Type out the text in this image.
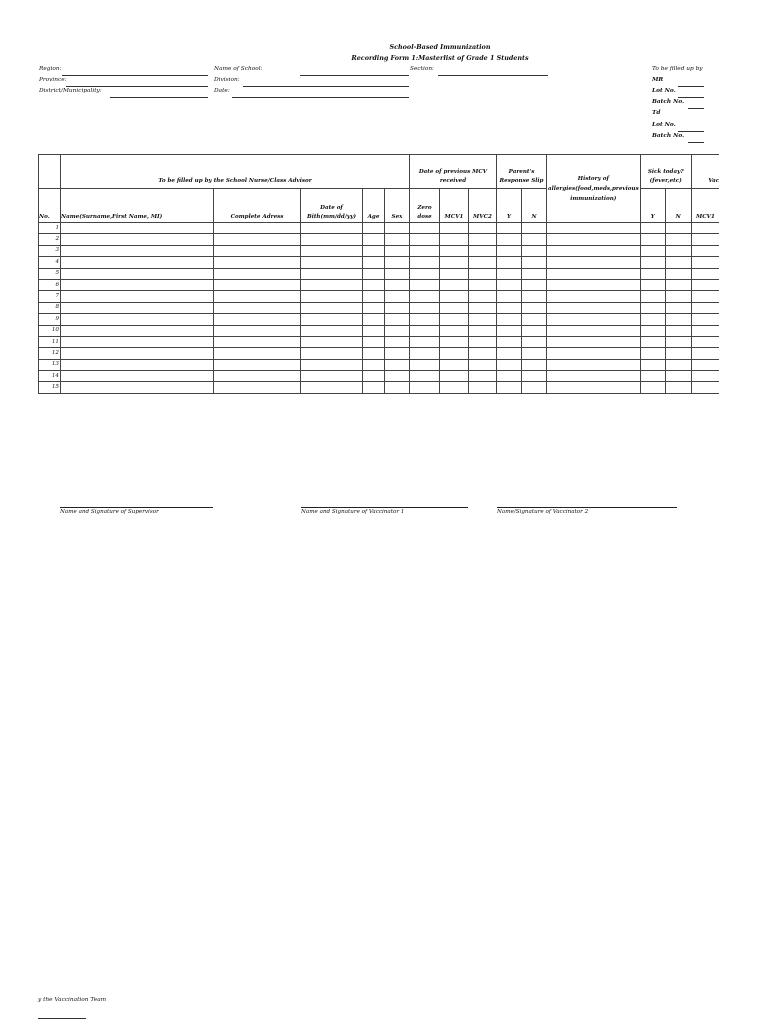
School-Based Immunization
Recording Form 1:Masterlist of Grade 1 Students
Region:
Province:
District/Municipality:
Name of School:
Division:
Date:
Section:	To be filled up by
MR
Lot No.
Batch No.
Td
Lot No.
Batch No.
	To be filled up by the School Nurse/Class Advisor					Date of previous MCV received			Parent's Response Slip		History of allergies(food,meds,previous immunization)	Sick today? (fever,etc)		Vac
No.	Name(Surname,First Name, MI)	Complete Adress	Date of Bith(mm/dd/yy)	Age	Sex	Zero dose	MCV1	MVC2	Y	N		Y	N	MCV1
1														
2														
3														
4														
5														
6														
7														
8														
9														
10														
11														
12														
13														
14														
15														
Name and Signature of Supervisor	Name and Signature of Vaccinator 1	Name/Signature of Vaccinator 2
y the Vaccination Team
